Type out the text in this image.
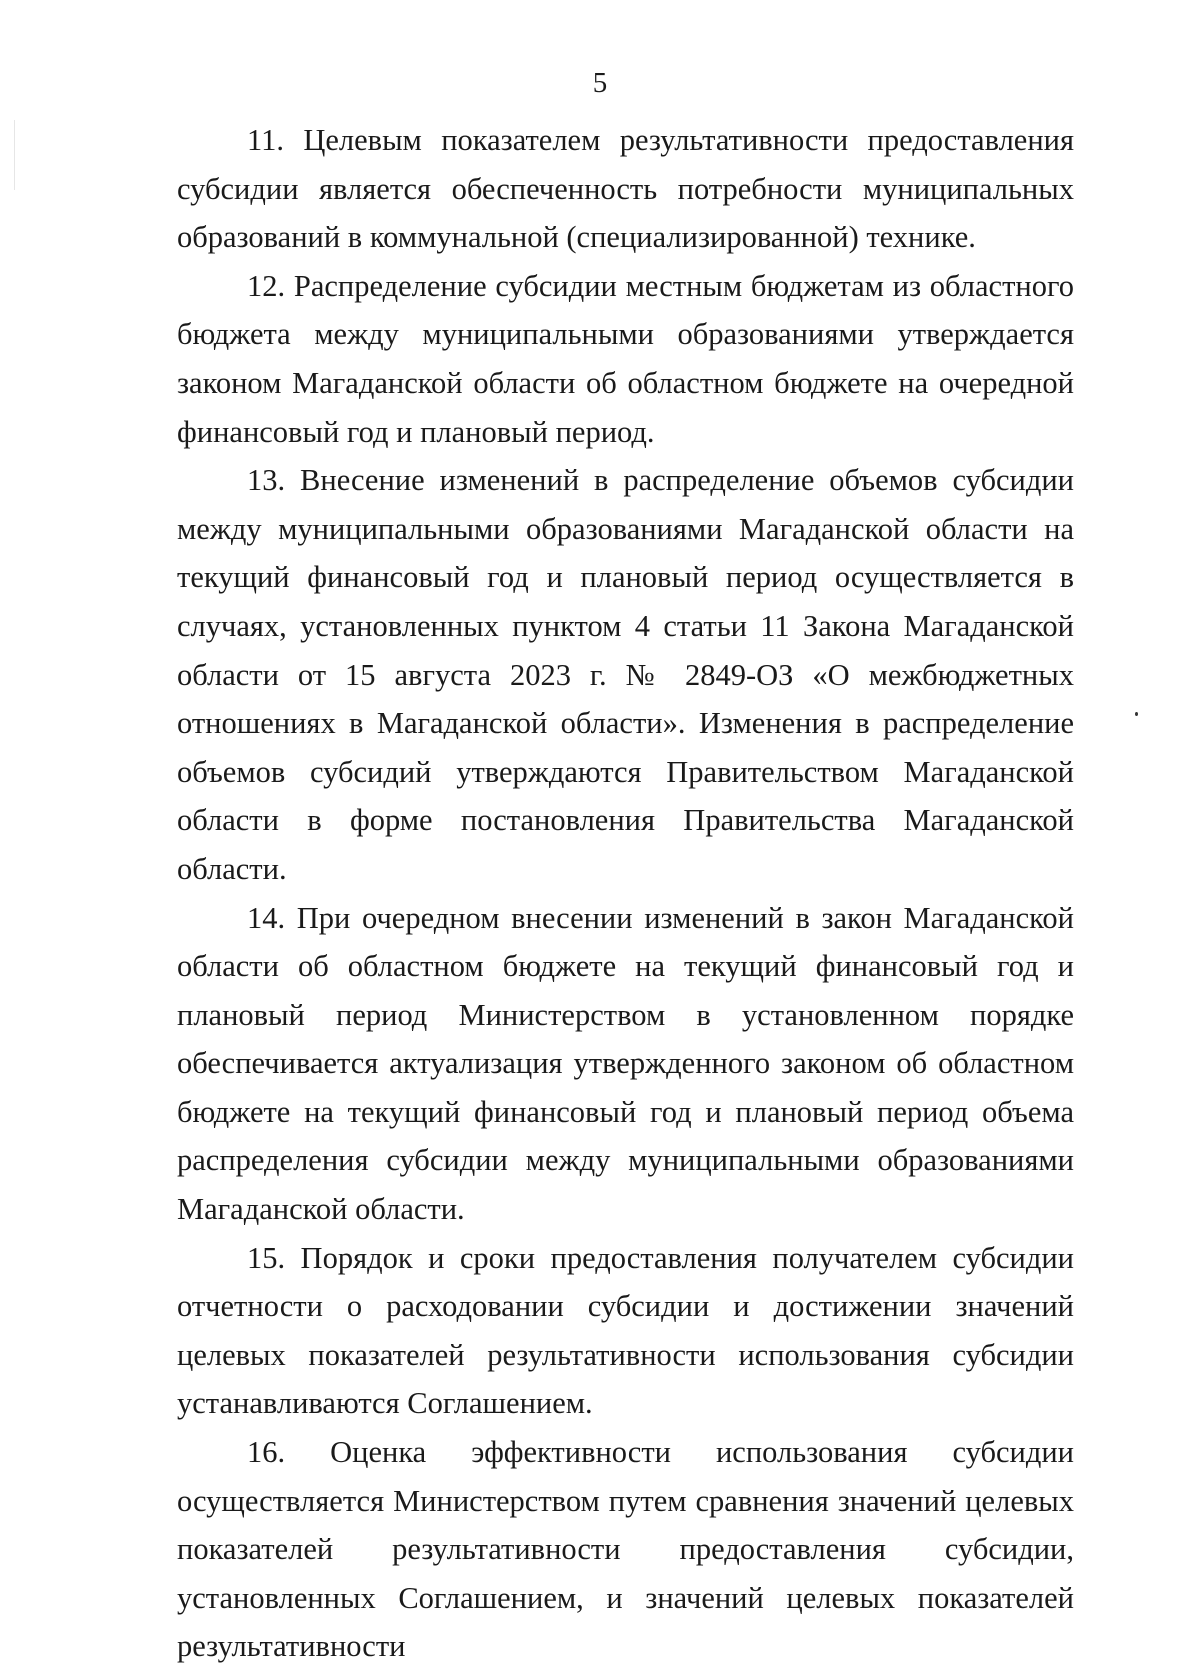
5

11. Целевым показателем результативности предоставления субсидии является обеспеченность потребности муниципальных образований в коммунальной (специализированной) технике.

12. Распределение субсидии местным бюджетам из областного бюджета между муниципальными образованиями утверждается законом Магаданской области об областном бюджете на очередной финансовый год и плановый период.

13. Внесение изменений в распределение объемов субсидии между муниципальными образованиями Магаданской области на текущий финансовый год и плановый период осуществляется в случаях, установленных пунктом 4 статьи 11 Закона Магаданской области от 15 августа 2023 г. № 2849-ОЗ «О межбюджетных отношениях в Магаданской области». Изменения в распределение объемов субсидий утверждаются Правительством Магаданской области в форме постановления Правительства Магаданской области.

14. При очередном внесении изменений в закон Магаданской области об областном бюджете на текущий финансовый год и плановый период Министерством в установленном порядке обеспечивается актуализация утвержденного законом об областном бюджете на текущий финансовый год и плановый период объема распределения субсидии между муниципальными образованиями Магаданской области.

15. Порядок и сроки предоставления получателем субсидии отчетности о расходовании субсидии и достижении значений целевых показателей результативности использования субсидии устанавливаются Соглашением.

16. Оценка эффективности использования субсидии осуществляется Министерством путем сравнения значений целевых показателей результативности предоставления субсидии, установленных Соглашением, и значений целевых показателей результативности
